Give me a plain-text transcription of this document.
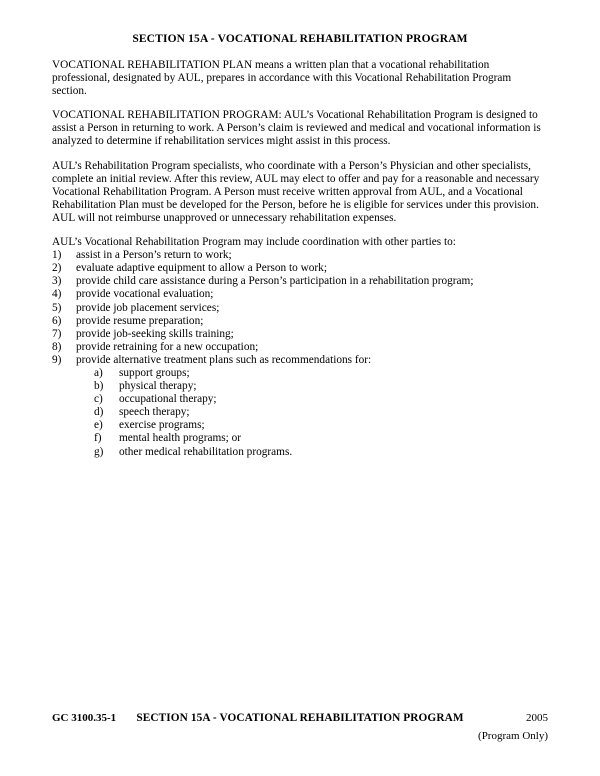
SECTION 15A - VOCATIONAL REHABILITATION PROGRAM

VOCATIONAL REHABILITATION PLAN means a written plan that a vocational rehabilitation professional, designated by AUL, prepares in accordance with this Vocational Rehabilitation Program section.

VOCATIONAL REHABILITATION PROGRAM: AUL’s Vocational Rehabilitation Program is designed to assist a Person in returning to work. A Person’s claim is reviewed and medical and vocational information is analyzed to determine if rehabilitation services might assist in this process.

AUL’s Rehabilitation Program specialists, who coordinate with a Person’s Physician and other specialists, complete an initial review. After this review, AUL may elect to offer and pay for a reasonable and necessary Vocational Rehabilitation Program. A Person must receive written approval from AUL, and a Vocational Rehabilitation Plan must be developed for the Person, before he is eligible for services under this provision. AUL will not reimburse unapproved or unnecessary rehabilitation expenses.

AUL’s Vocational Rehabilitation Program may include coordination with other parties to:

1)	assist in a Person’s return to work;
2)	evaluate adaptive equipment to allow a Person to work;
3)	provide child care assistance during a Person’s participation in a rehabilitation program;
4)	provide vocational evaluation;
5)	provide job placement services;
6)	provide resume preparation;
7)	provide job-seeking skills training;
8)	provide retraining for a new occupation;
9)	provide alternative treatment plans such as recommendations for:
a)	support groups;
b)	physical therapy;
c)	occupational therapy;
d)	speech therapy;
e)	exercise programs;
f)	mental health programs; or
g)	other medical rehabilitation programs.
GC 3100.35-1	SECTION 15A - VOCATIONAL REHABILITATION PROGRAM	2005
(Program Only)
